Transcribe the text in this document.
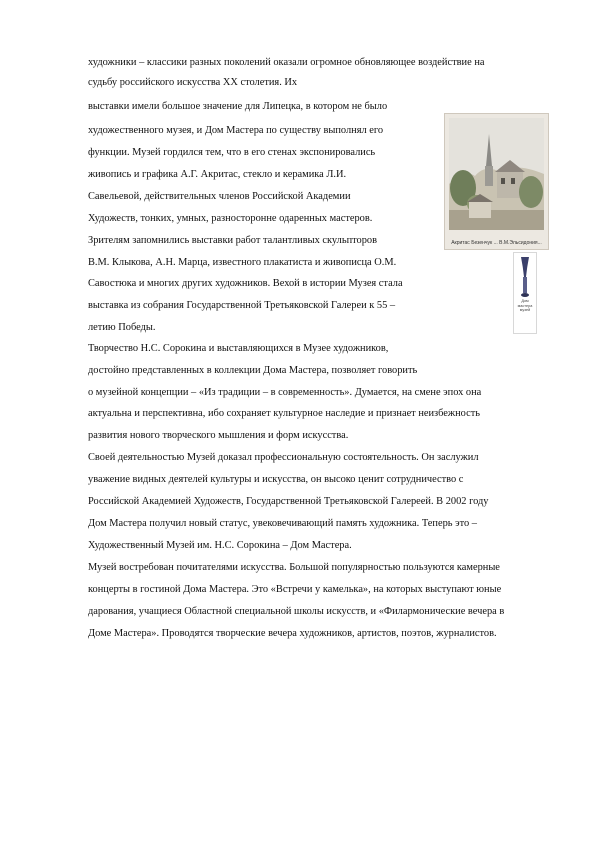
художники – классики разных поколений оказали огромное обновляющее воздействие на
судьбу российского искусства ХХ столетия. Их
выставки имели большое значение для Липецка, в котором не было
художественного музея, и Дом Мастера по существу выполнял его
функции. Музей гордился тем, что в его стенах экспонировались
живопись и графика А.Г. Акритас, стекло и керамика Л.И.
Савельевой, действительных членов Российской Академии
Художеств, тонких, умных, разносторонне одаренных мастеров.
Зрителям запомнились выставки работ талантливых скульпторов
В.М. Клыкова, А.Н. Марца, известного плакатиста и живописца О.М.
Савостюка и многих других художников. Вехой в истории Музея стала
выставка из собрания Государственной Третьяковской Галереи к 55 –
летию Победы.
Творчество Н.С. Сорокина и выставляющихся в Музее художников,
достойно представленных в коллекции Дома Мастера, позволяет говорить
о музейной концепции – «Из традиции – в современность». Думается, на смене эпох она
актуальна и перспективна, ибо сохраняет культурное наследие и признает неизбежность
развития нового творческого мышления и форм искусства.
Своей деятельностью Музей доказал профессиональную состоятельность. Он заслужил
уважение видных деятелей культуры и искусства, он высоко ценит сотрудничество с
Российской Академией Художеств, Государственной Третьяковской Галереей. В 2002 году
Дом Мастера получил новый статус, увековечивающий память художника. Теперь это –
Художественный Музей им. Н.С. Сорокина – Дом Мастера.
Музей востребован почитателями искусства. Большой популярностью пользуются камерные
концерты в гостиной Дома Мастера. Это «Встречи у камелька», на которых выступают юные
дарования, учащиеся Областной специальной школы искусств, и «Филармонические вечера в
Доме Мастера». Проводятся творческие вечера художников, артистов, поэтов, журналистов.
Акритас Безенчук ... В.М.Эльсидония...
Дом мастера музей
